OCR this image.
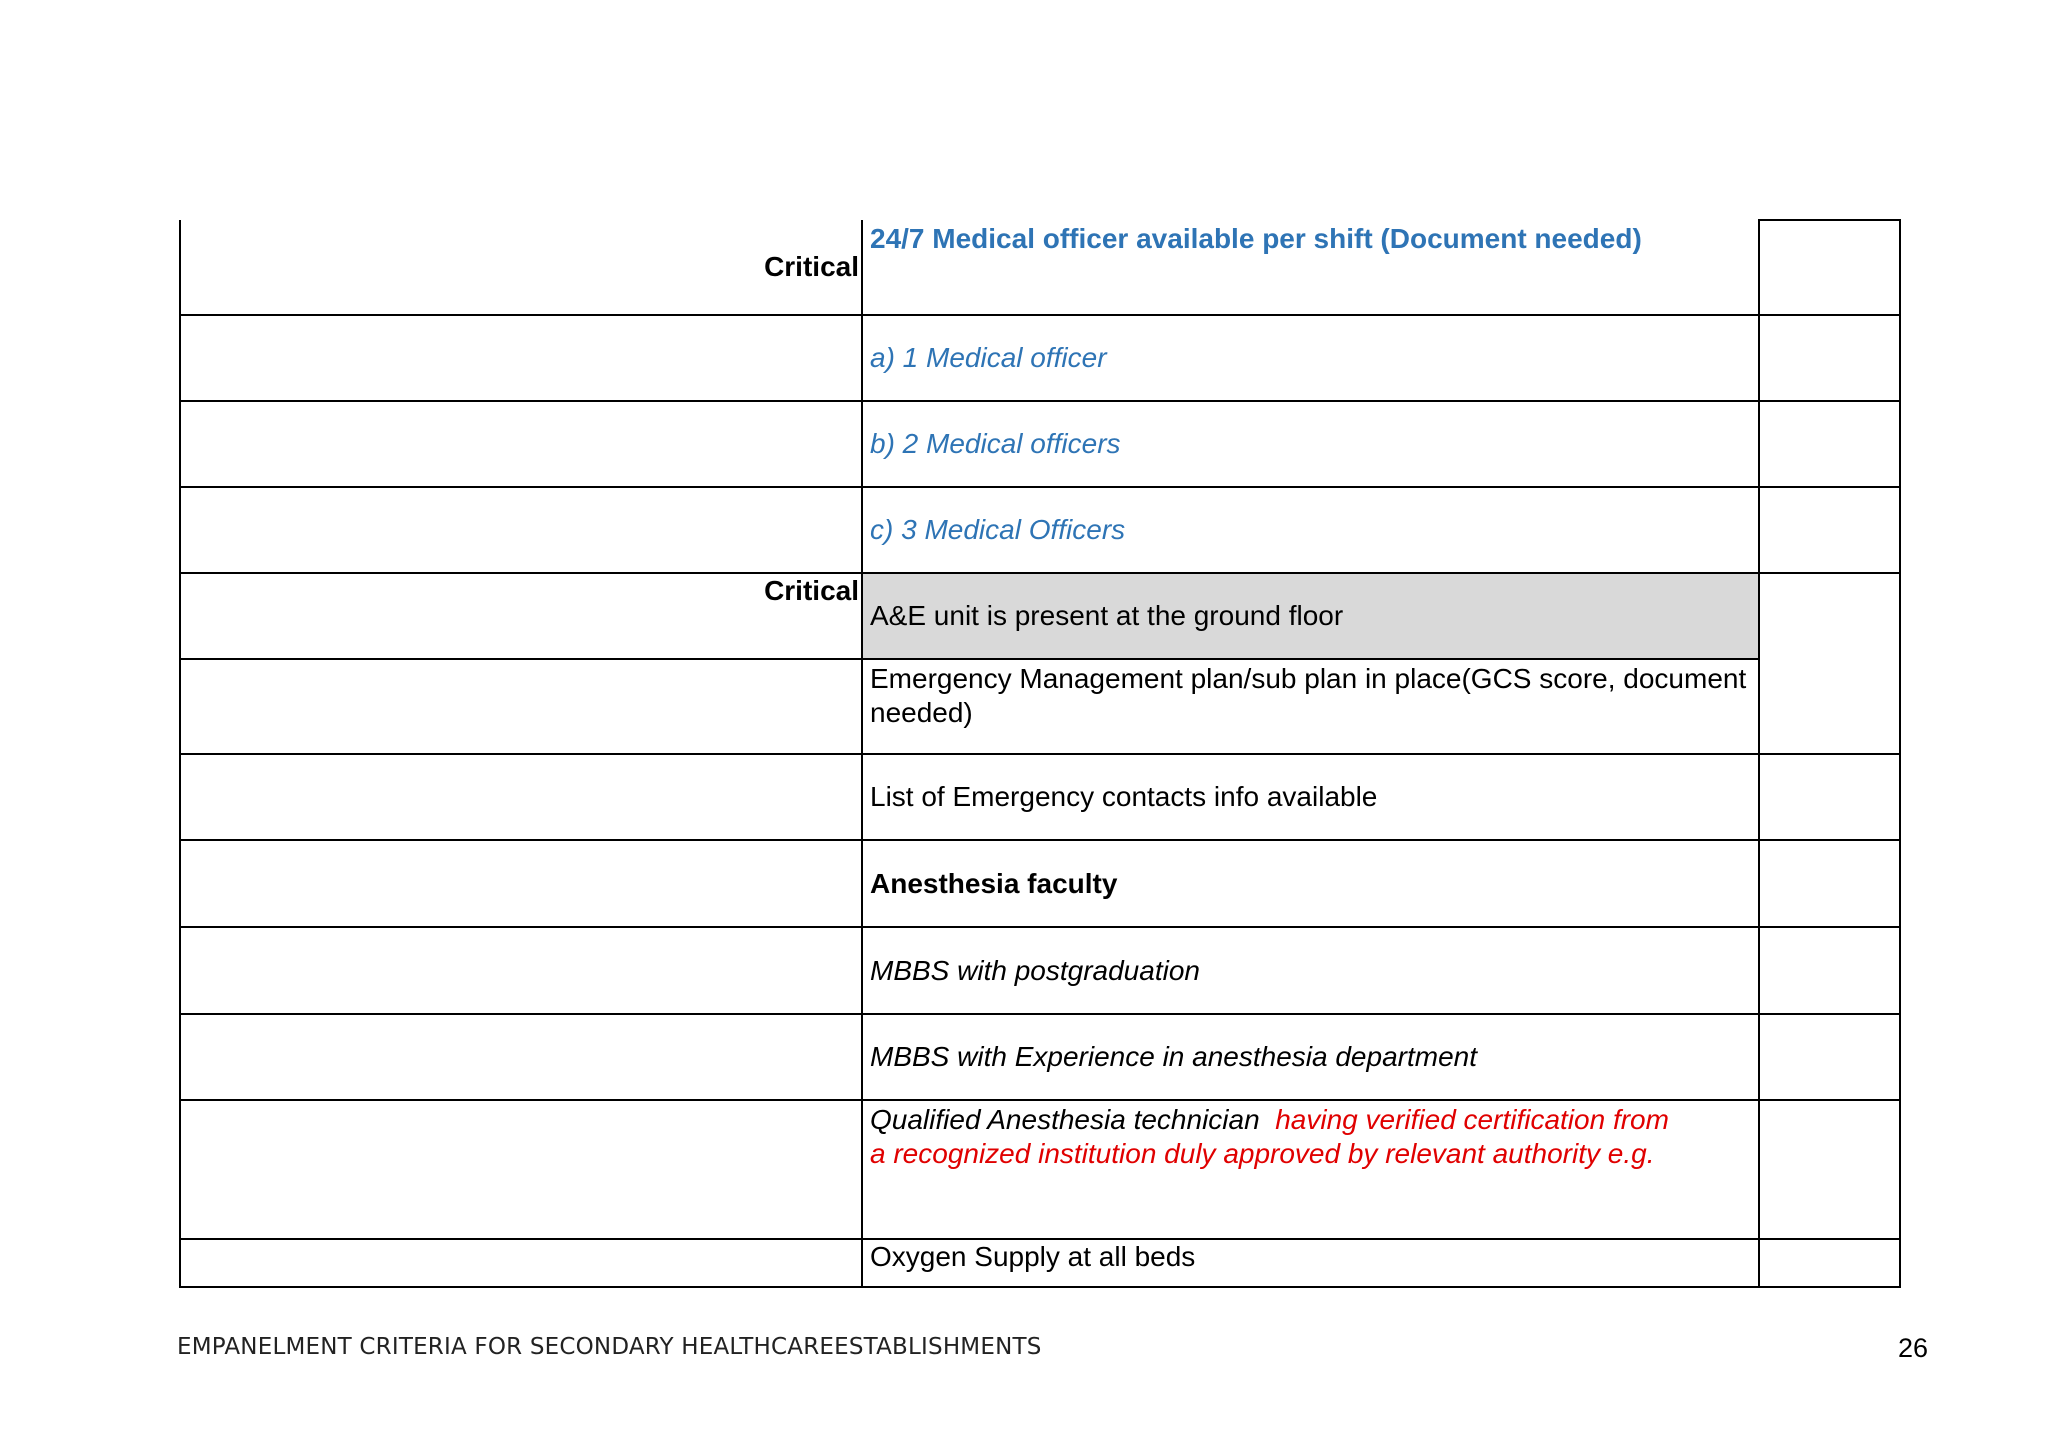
Critical	24/7 Medical officer available per shift (Document needed)	
	a) 1 Medical officer	
	b) 2 Medical officers	
	c) 3 Medical Officers	
Critical	A&E unit is present at the ground floor	
	Emergency Management plan/sub plan in place(GCS score, document needed)	
	List of Emergency contacts info available	
	Anesthesia faculty	
	MBBS with postgraduation	
	MBBS with Experience in anesthesia department	

	Qualified Anesthesia technician having verified certification from a recognized institution duly approved by relevant authority e.g.	

	Oxygen Supply at all beds	
EMPANELMENT CRITERIA FOR SECONDARY HEALTHCAREESTABLISHMENTS	26
